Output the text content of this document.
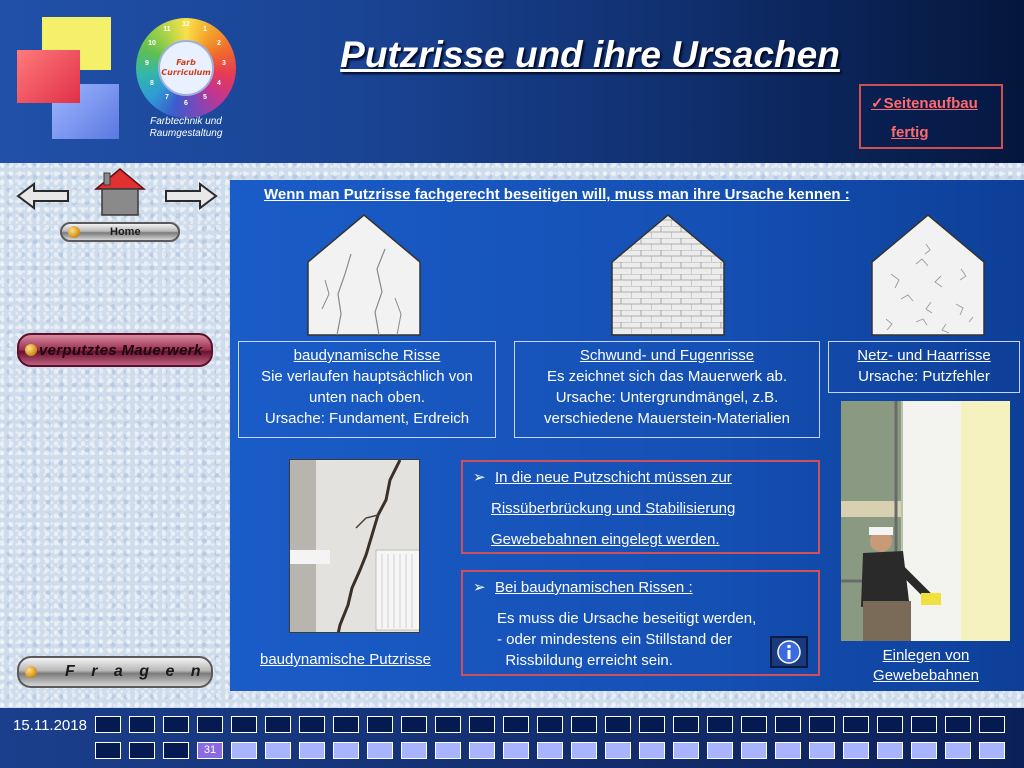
12
1
2
3
4
5
6
7
8
9
10
11
Farb
Curriculum
Farbtechnik und
Raumgestaltung
Putzrisse und ihre Ursachen
✓Seitenaufbau
fertig
Home
verputztes Mauerwerk
F r a g e n
Wenn man Putzrisse fachgerecht beseitigen will, muss man ihre Ursache kennen :
baudynamische Risse
Sie verlaufen hauptsächlich von
unten nach oben.
Ursache: Fundament, Erdreich
Schwund- und Fugenrisse
Es zeichnet sich das Mauerwerk ab.
Ursache: Untergrundmängel, z.B.
verschiedene Mauerstein-Materialien
Netz- und Haarrisse
Ursache: Putzfehler
➢ In die neue Putzschicht müssen zur
Rissüberbrückung und Stabilisierung
Gewebebahnen eingelegt werden.
➢ Bei baudynamischen Rissen :
Es muss die Ursache beseitigt werden,
- oder mindestens ein Stillstand der
Rissbildung erreicht sein.
baudynamische Putzrisse	Einlegen von Gewebebahnen
15.11.2018
31
